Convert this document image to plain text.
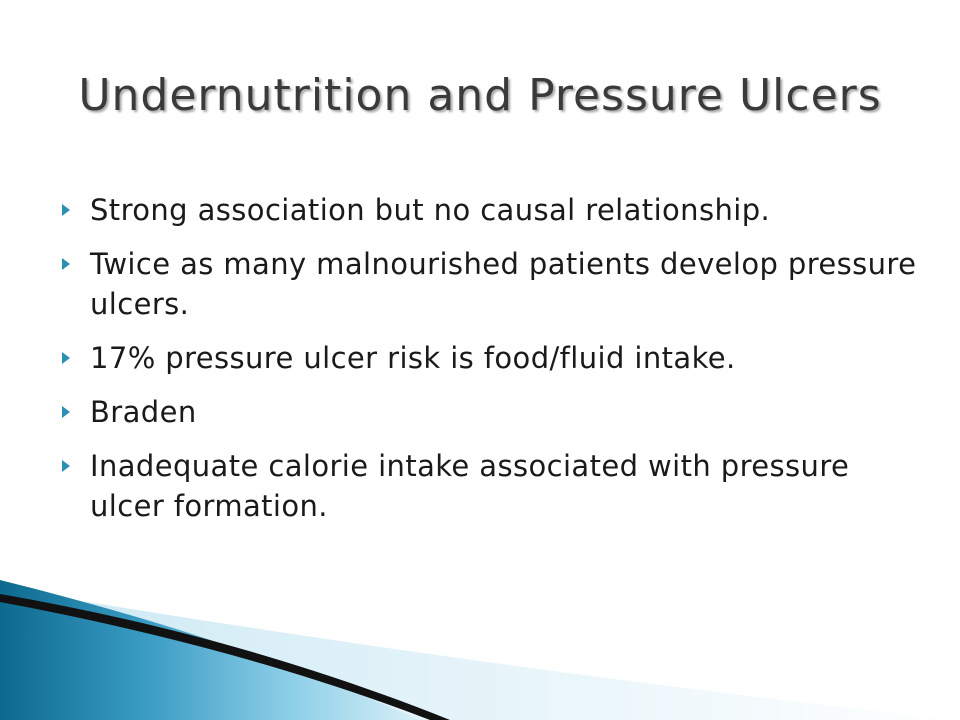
Undernutrition and Pressure Ulcers
Strong association but no causal relationship.
Twice as many malnourished patients develop pressure ulcers.
17% pressure ulcer risk is food/fluid intake.
Braden
Inadequate calorie intake associated with pressure ulcer formation.
